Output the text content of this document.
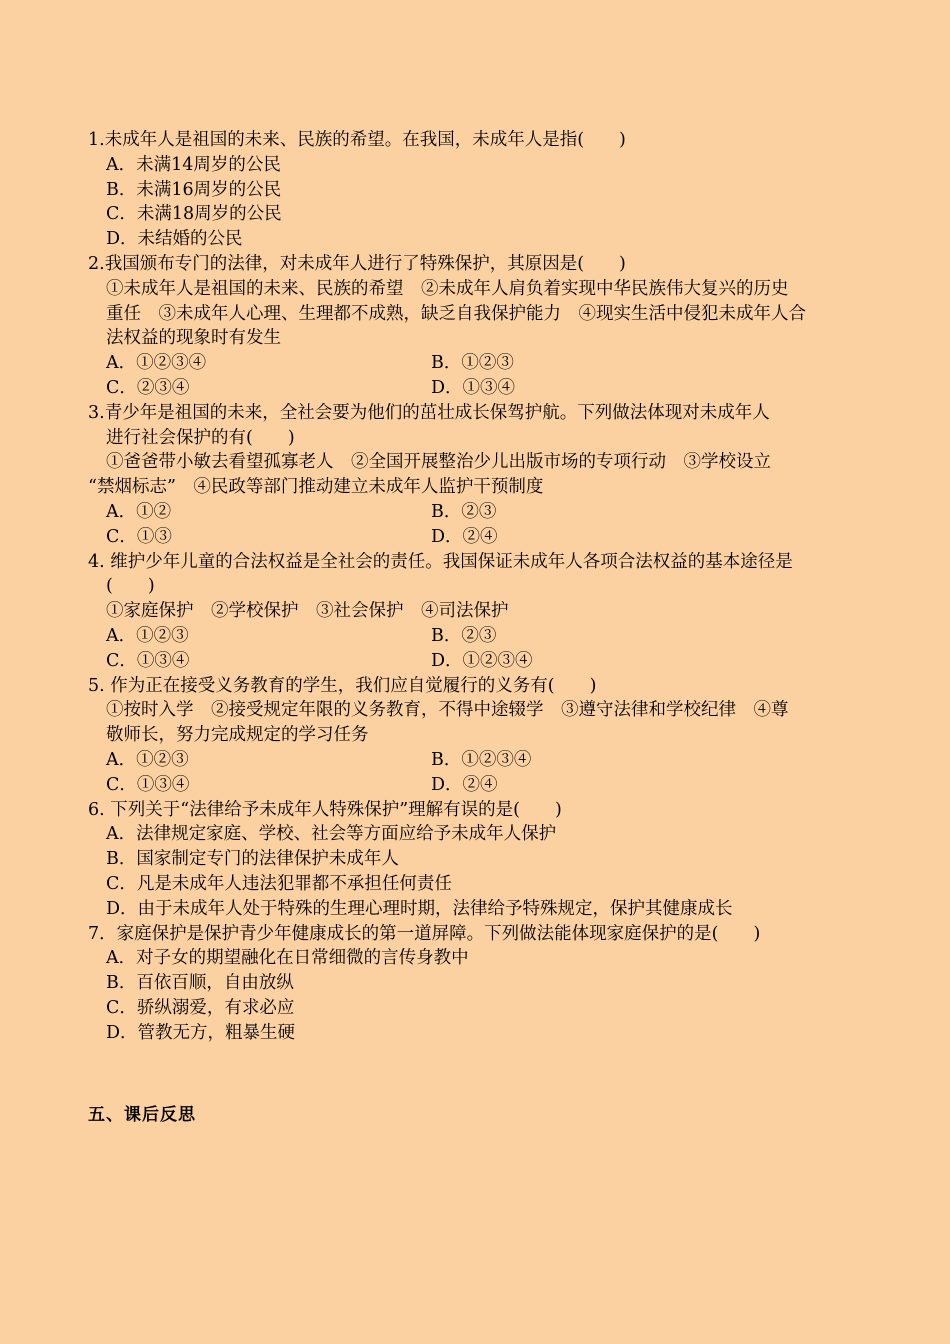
1.未成年人是祖国的未来、民族的希望。在我国，未成年人是指(　　)
A．未满14周岁的公民
B．未满16周岁的公民
C．未满18周岁的公民
D．未结婚的公民
2.我国颁布专门的法律，对未成年人进行了特殊保护，其原因是(　　)
①未成年人是祖国的未来、民族的希望　②未成年人肩负着实现中华民族伟大复兴的历史
重任　③未成年人心理、生理都不成熟，缺乏自我保护能力　④现实生活中侵犯未成年人合
法权益的现象时有发生
A．①②③④	B．①②③
C．②③④	D．①③④
3.青少年是祖国的未来，全社会要为他们的茁壮成长保驾护航。下列做法体现对未成年人
进行社会保护的有(　　)
①爸爸带小敏去看望孤寡老人　②全国开展整治少儿出版市场的专项行动　③学校设立
“禁烟标志”　④民政等部门推动建立未成年人监护干预制度
A．①②	B．②③
C．①③	D．②④
4. 维护少年儿童的合法权益是全社会的责任。我国保证未成年人各项合法权益的基本途径是
(　　)
①家庭保护　②学校保护　③社会保护　④司法保护
A．①②③	B．②③
C．①③④	D．①②③④
5. 作为正在接受义务教育的学生，我们应自觉履行的义务有(　　)
①按时入学　②接受规定年限的义务教育，不得中途辍学　③遵守法律和学校纪律　④尊
敬师长，努力完成规定的学习任务
A．①②③	B．①②③④
C．①③④	D．②④
6. 下列关于“法律给予未成年人特殊保护”理解有误的是(　　)
A．法律规定家庭、学校、社会等方面应给予未成年人保护
B．国家制定专门的法律保护未成年人
C．凡是未成年人违法犯罪都不承担任何责任
D．由于未成年人处于特殊的生理心理时期，法律给予特殊规定，保护其健康成长
7．家庭保护是保护青少年健康成长的第一道屏障。下列做法能体现家庭保护的是(　　)
A．对子女的期望融化在日常细微的言传身教中
B．百依百顺，自由放纵
C．骄纵溺爱，有求必应
D．管教无方，粗暴生硬
五、课后反思
